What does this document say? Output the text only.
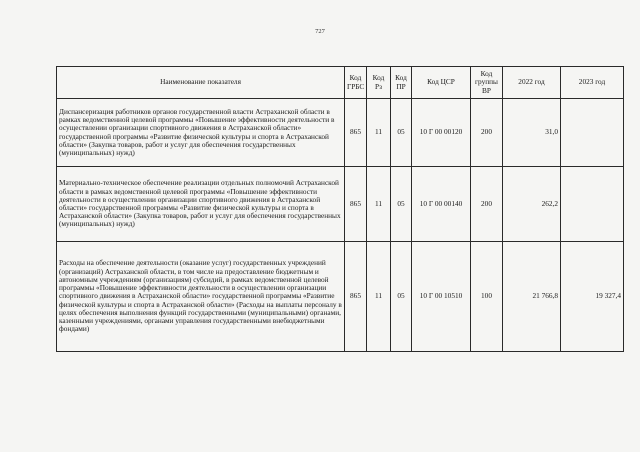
727
Наименование показателя	Код ГРБС	Код Рз	Код ПР	Код ЦСР	Код группы ВР	2022 год	2023 год
Диспансеризация работников органов государственной власти Астраханской области в рамках ведомственной целевой программы «Повышение эффективности деятельности в осуществлении организации спортивного движения в Астраханской области» государственной программы «Развитие физической культуры и спорта в Астраханской области» (Закупка товаров, работ и услуг для обеспечения государственных (муниципальных) нужд)	865	11	05	10 Г 00 00120	200	31,0	
Материально-техническое обеспечение реализации отдельных полномочий Астраханской области в рамках ведомственной целевой программы «Повышение эффективности деятельности в осуществлении организации спортивного движения в Астраханской области» государственной программы «Развитие физической культуры и спорта в Астраханской области» (Закупка товаров, работ и услуг для обеспечения государственных (муниципальных) нужд)	865	11	05	10 Г 00 00140	200	262,2	
Расходы на обеспечение деятельности (оказание услуг) государственных учреждений (организаций) Астраханской области, в том числе на предоставление бюджетным и автономным учреждениям (организациям) субсидий, в рамках ведомственной целевой программы «Повышение эффективности деятельности в осуществлении организации спортивного движения в Астраханской области» государственной программы «Развитие физической культуры и спорта в Астраханской области» (Расходы на выплаты персоналу в целях обеспечения выполнения функций государственными (муниципальными) органами, казенными учреждениями, органами управления государственными внебюджетными фондами)	865	11	05	10 Г 00 10510	100	21 766,8	19 327,4
